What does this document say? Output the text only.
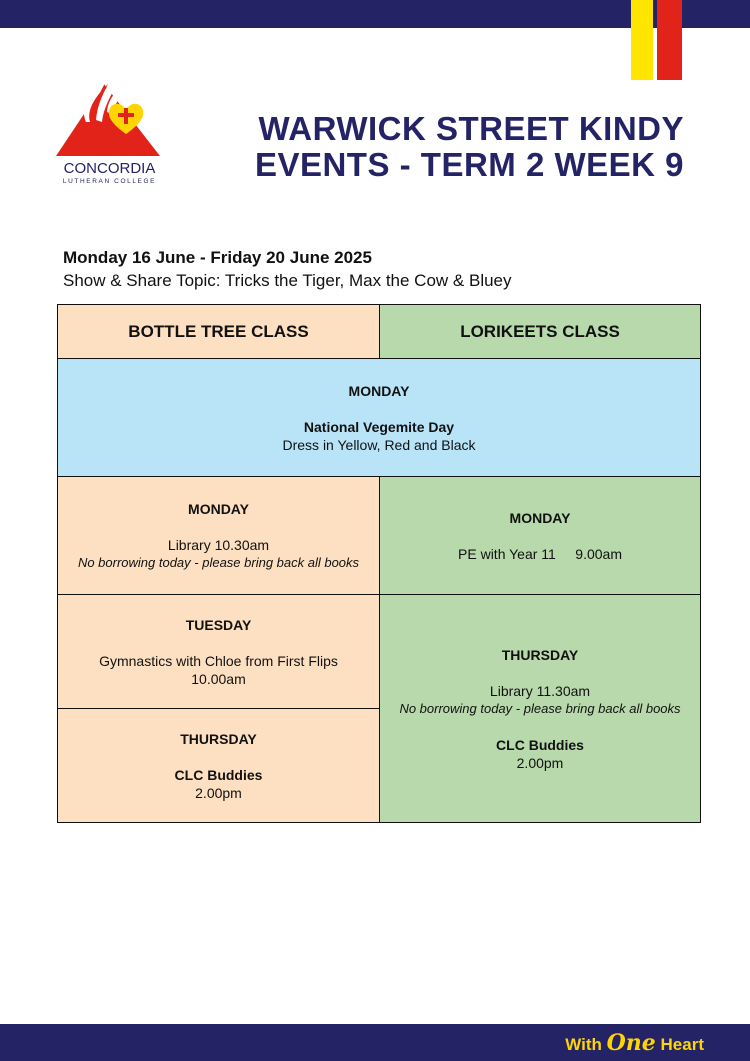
CONCORDIA
LUTHERAN COLLEGE
WARWICK STREET KINDY
EVENTS - TERM 2 WEEK 9
Monday 16 June - Friday 20 June 2025
Show & Share Topic: Tricks the Tiger, Max the Cow & Bluey
BOTTLE TREE CLASS	LORIKEETS CLASS
MONDAY
National Vegemite Day
Dress in Yellow, Red and Black
MONDAY
Library 10.30am
No borrowing today - please bring back all books
MONDAY
PE with Year 11 9.00am
TUESDAY
Gymnastics with Chloe from First Flips
10.00am
THURSDAY
CLC Buddies
2.00pm
THURSDAY
Library 11.30am
No borrowing today - please bring back all books
CLC Buddies
2.00pm
With One Heart
